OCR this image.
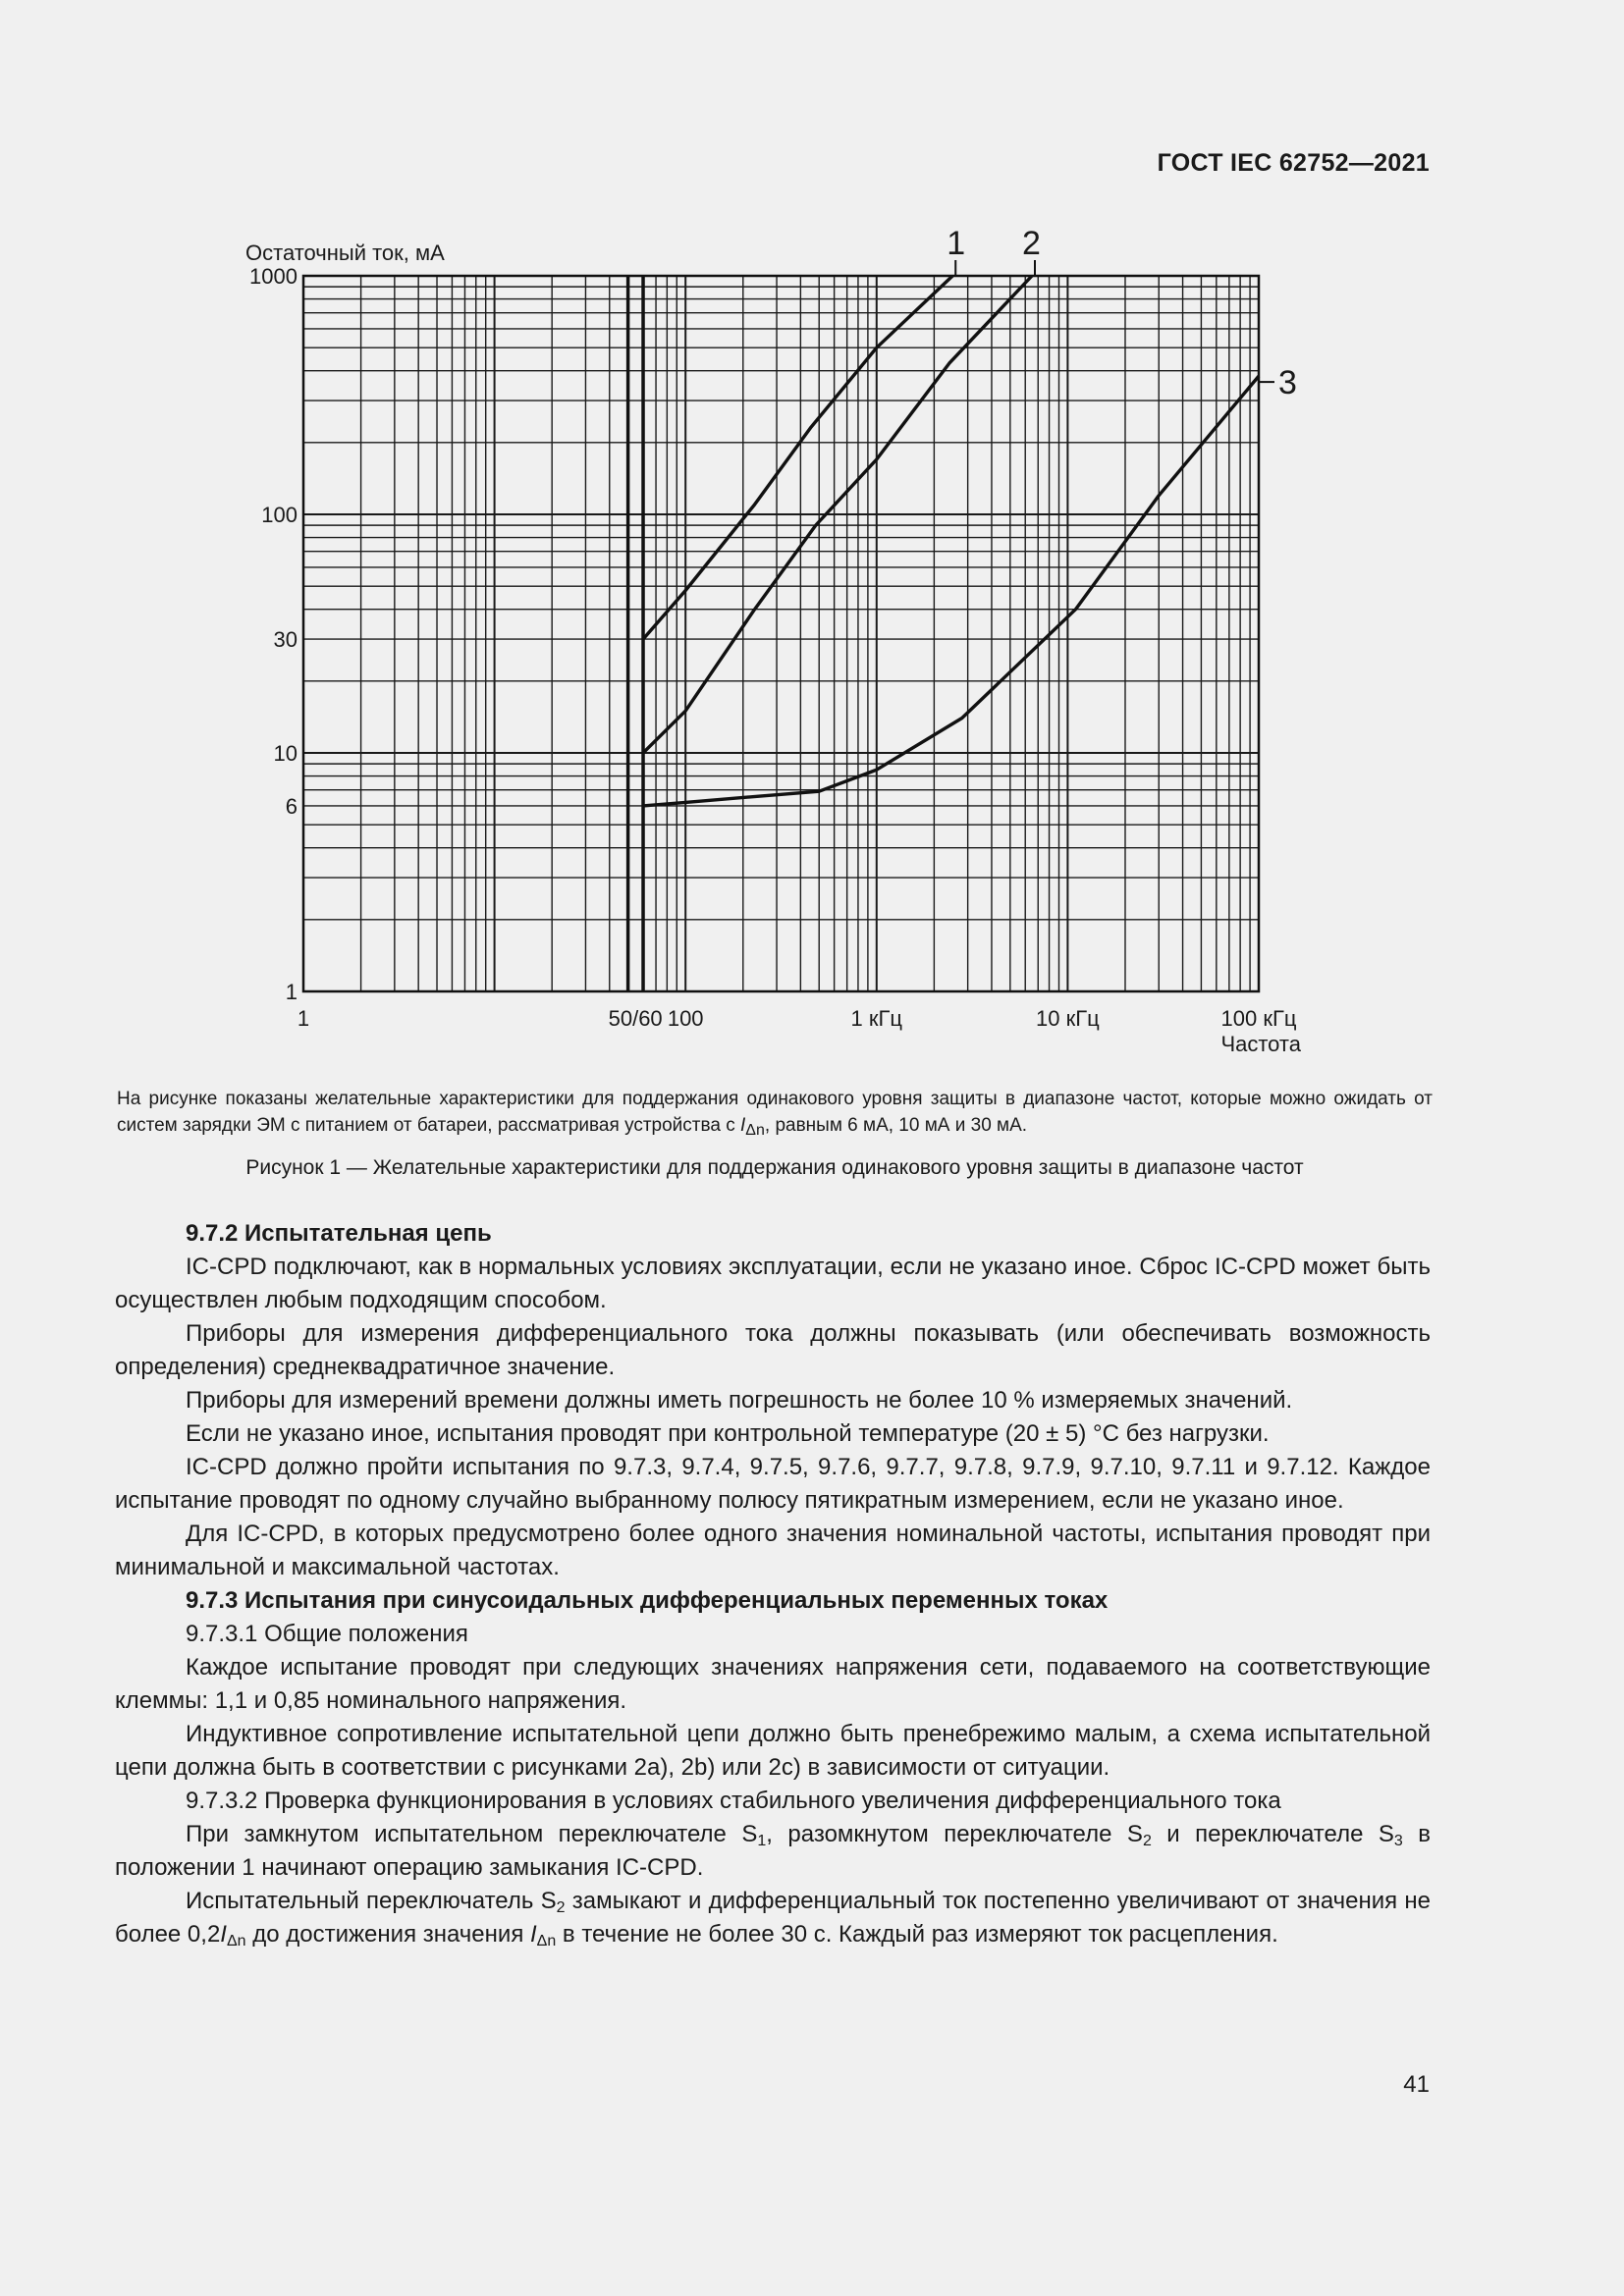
ГОСТ IEC 62752—2021
1
6
10
30
100
1000
1	50/60 100	1 кГц	10 кГц	100 кГц
1 2
3
Остаточный ток, мА
Частота
На рисунке показаны желательные характеристики для поддержания одинакового уровня защиты в диапазоне частот, которые можно ожидать от систем зарядки ЭМ с питанием от батареи, рассматривая устройства с $I_{\Delta n}$, равным 6 мА, 10 мА и 30 мА.
Рисунок 1 — Желательные характеристики для поддержания одинакового уровня защиты в диапазоне частот

9.7.2 Испытательная цепь

IC-CPD подключают, как в нормальных условиях эксплуатации, если не указано иное. Сброс IC-CPD может быть осуществлен любым подходящим способом.

Приборы для измерения дифференциального тока должны показывать (или обеспечивать возможность определения) среднеквадратичное значение.

Приборы для измерений времени должны иметь погрешность не более 10 % измеряемых значений.

Если не указано иное, испытания проводят при контрольной температуре (20 ± 5) °С без нагрузки.

IC-CPD должно пройти испытания по 9.7.3, 9.7.4, 9.7.5, 9.7.6, 9.7.7, 9.7.8, 9.7.9, 9.7.10, 9.7.11 и 9.7.12. Каждое испытание проводят по одному случайно выбранному полюсу пятикратным измерением, если не указано иное.

Для IC-CPD, в которых предусмотрено более одного значения номинальной частоты, испытания проводят при минимальной и максимальной частотах.

9.7.3 Испытания при синусоидальных дифференциальных переменных токах

9.7.3.1 Общие положения

Каждое испытание проводят при следующих значениях напряжения сети, подаваемого на соответствующие клеммы: 1,1 и 0,85 номинального напряжения.

Индуктивное сопротивление испытательной цепи должно быть пренебрежимо малым, а схема испытательной цепи должна быть в соответствии с рисунками 2а), 2b) или 2с) в зависимости от ситуации.

9.7.3.2 Проверка функционирования в условиях стабильного увеличения дифференциального тока

При замкнутом испытательном переключателе $S_1$, разомкнутом переключателе $S_2$ и переключателе $S_3$ в положении 1 начинают операцию замыкания IC-CPD.

Испытательный переключатель $S_2$ замыкают и дифференциальный ток постепенно увеличивают от значения не более $0,2I_{\Delta n}$ до достижения значения $I_{\Delta n}$ в течение не более 30 с. Каждый раз измеряют ток расцепления.

41
